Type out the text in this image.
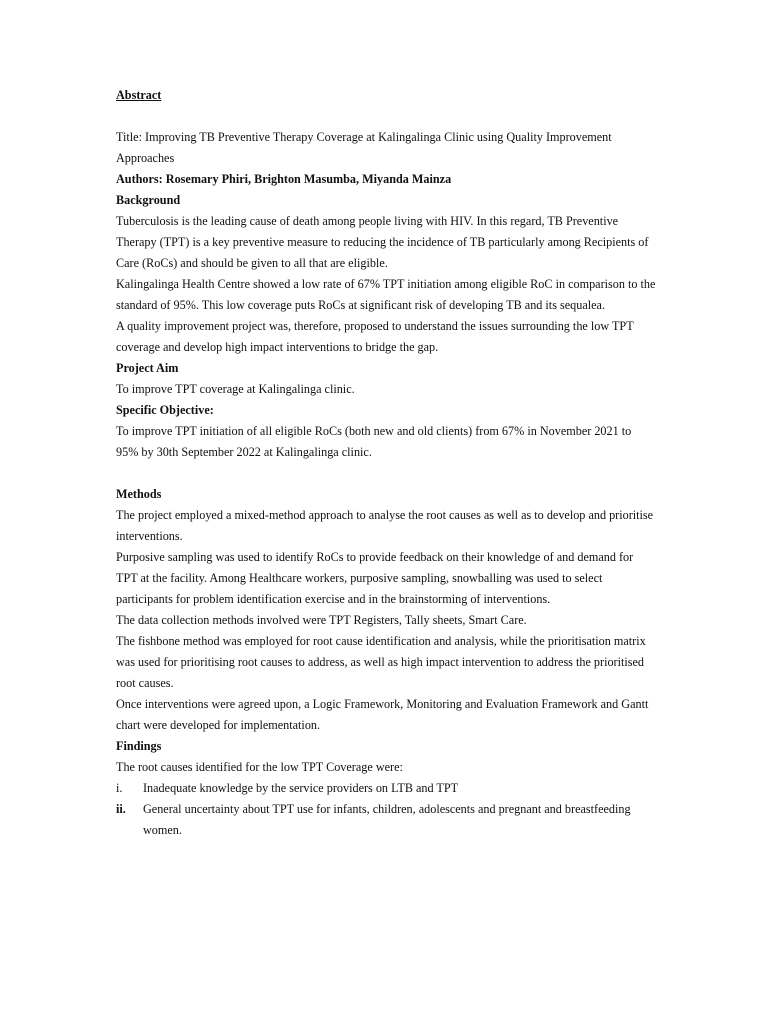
Abstract

Title: Improving TB Preventive Therapy Coverage at Kalingalinga Clinic using Quality Improvement Approaches

Authors: Rosemary Phiri, Brighton Masumba, Miyanda Mainza

Background

Tuberculosis is the leading cause of death among people living with HIV. In this regard, TB Preventive Therapy (TPT) is a key preventive measure to reducing the incidence of TB particularly among Recipients of Care (RoCs) and should be given to all that are eligible.

Kalingalinga Health Centre showed a low rate of 67% TPT initiation among eligible RoC in comparison to the standard of 95%. This low coverage puts RoCs at significant risk of developing TB and its sequalea.

A quality improvement project was, therefore, proposed to understand the issues surrounding the low TPT coverage and develop high impact interventions to bridge the gap.

Project Aim

To improve TPT coverage at Kalingalinga clinic.

Specific Objective:

To improve TPT initiation of all eligible RoCs (both new and old clients) from 67% in November 2021 to 95% by 30th September 2022 at Kalingalinga clinic.

Methods

The project employed a mixed-method approach to analyse the root causes as well as to develop and prioritise interventions.

Purposive sampling was used to identify RoCs to provide feedback on their knowledge of and demand for TPT at the facility. Among Healthcare workers, purposive sampling, snowballing was used to select participants for problem identification exercise and in the brainstorming of interventions.

The data collection methods involved were TPT Registers, Tally sheets, Smart Care.

The fishbone method was employed for root cause identification and analysis, while the prioritisation matrix was used for prioritising root causes to address, as well as high impact intervention to address the prioritised root causes.

Once interventions were agreed upon, a Logic Framework, Monitoring and Evaluation Framework and Gantt chart were developed for implementation.

Findings

The root causes identified for the low TPT Coverage were:

i.	Inadequate knowledge by the service providers on LTB and TPT
ii.	General uncertainty about TPT use for infants, children, adolescents and pregnant and breastfeeding women.
